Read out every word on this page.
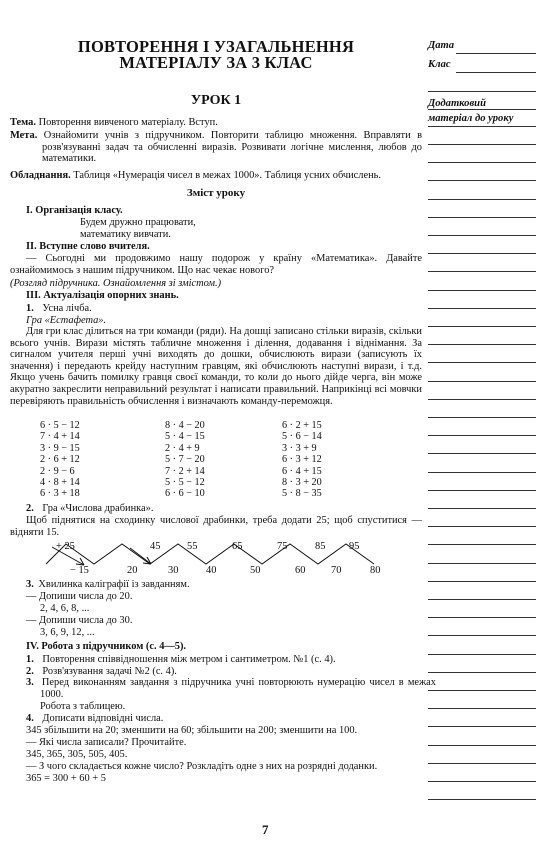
ПОВТОРЕННЯ І УЗАГАЛЬНЕННЯ
МАТЕРІАЛУ ЗА 3 КЛАС
УРОК 1
Тема. Повторення вивченого матеріалу. Вступ.
Мета. Ознайомити учнів з підручником. Повторити таблицю множення. Вправляти в розв'язуванні задач та обчисленні виразів. Розвивати логічне мислення, любов до математики.
Обладнання. Таблиця «Нумерація чисел в межах 1000». Таблиця усних обчислень.
Зміст уроку
І. Організація класу.
Будем дружно працювати,
математику вивчати.
ІІ. Вступне слово вчителя.
— Сьогодні ми продовжимо нашу подорож у країну «Математика». Давайте ознайомимось з нашим підручником. Що нас чекає нового?
(Розгляд підручника. Ознайомлення зі змістом.)
ІІІ. Актуалізація опорних знань.
1. Усна лічба.
Гра «Естафета».
Для гри клас ділиться на три команди (ряди). На дошці записано стільки виразів, скільки всього учнів. Вирази містять табличне множення і ділення, додавання і віднімання. За сигналом учителя перші учні виходять до дошки, обчислюють вирази (записують їх значення) і передають крейду наступним гравцям, які обчислюють наступні вирази, і т.д. Якщо учень бачить помилку гравця своєї команди, то коли до нього дійде черга, він може акуратно закреслити неправильний результат і написати правильний. Наприкінці всі мовчки перевіряють правильність обчислення і визначають команду-переможця.
6 · 5 − 12	8 · 4 − 20	6 · 2 + 15
7 · 4 + 14	5 · 4 − 15	5 · 6 − 14
3 · 9 − 15	2 · 4 + 9	3 · 3 + 9
2 · 6 + 12	5 · 7 − 20	6 · 3 + 12
2 · 9 − 6	7 · 2 + 14	6 · 4 + 15
4 · 8 + 14	5 · 5 − 12	8 · 3 + 20
6 · 3 + 18	6 · 6 − 10	5 · 8 − 35
2. Гра «Числова драбинка».
Щоб піднятися на сходинку числової драбинки, треба додати 25; щоб спуститися — відняти 15.
+ 25
− 15
45	55	65	75	85 95
20	30	40	50	60 70	80
3. Хвилинка каліграфії із завданням.
— Допиши числа до 20.
2, 4, 6, 8, ...
— Допиши числа до 30.
3, 6, 9, 12, ...
IV. Робота з підручником (с. 4—5).
1. Повторення співвідношення між метром і сантиметром. №1 (с. 4).
2. Розв'язування задачі №2 (с. 4).
3. Перед виконанням завдання з підручника учні повторюють нумерацію чисел в межах 1000.
Робота з таблицею.
4. Дописати відповідні числа.
345 збільшити на 20; зменшити на 60; збільшити на 200; зменшити на 100.
— Які числа записали? Прочитайте.
345, 365, 305, 505, 405.
— З чого складається кожне число? Розкладіть одне з них на розрядні доданки.
365 = 300 + 60 + 5
Дата
Клас
Додатковий
матеріал до уроку
7
